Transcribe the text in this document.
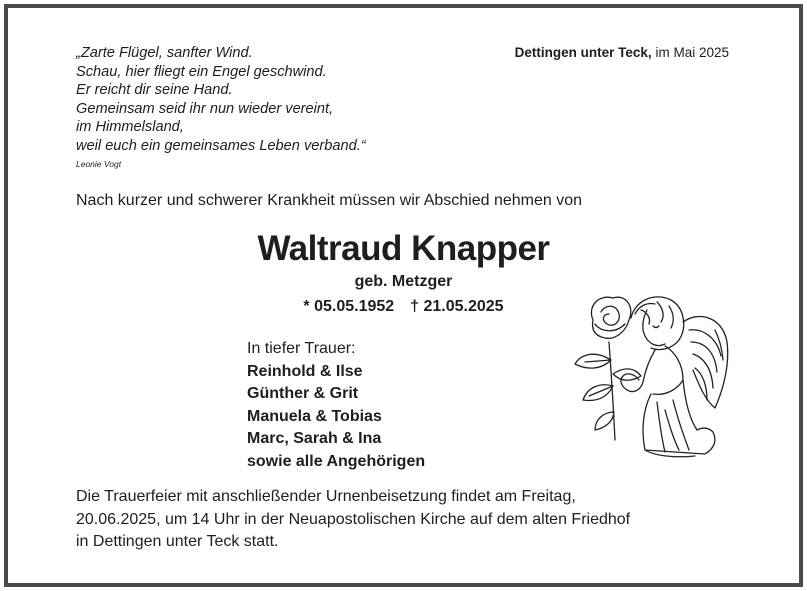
„Zarte Flügel, sanfter Wind.
Schau, hier fliegt ein Engel geschwind.
Er reicht dir seine Hand.
Gemeinsam seid ihr nun wieder vereint,
im Himmelsland,
weil euch ein gemeinsames Leben verband.“
Leonie Vogt
Dettingen unter Teck, im Mai 2025
Nach kurzer und schwerer Krankheit müssen wir Abschied nehmen von
Waltraud Knapper
geb. Metzger
* 05.05.1952 † 21.05.2025
In tiefer Trauer:
Reinhold & Ilse
Günther & Grit
Manuela & Tobias
Marc, Sarah & Ina
sowie alle Angehörigen
Die Trauerfeier mit anschließender Urnenbeisetzung findet am Freitag,
20.06.2025, um 14 Uhr in der Neuapostolischen Kirche auf dem alten Friedhof
in Dettingen unter Teck statt.
